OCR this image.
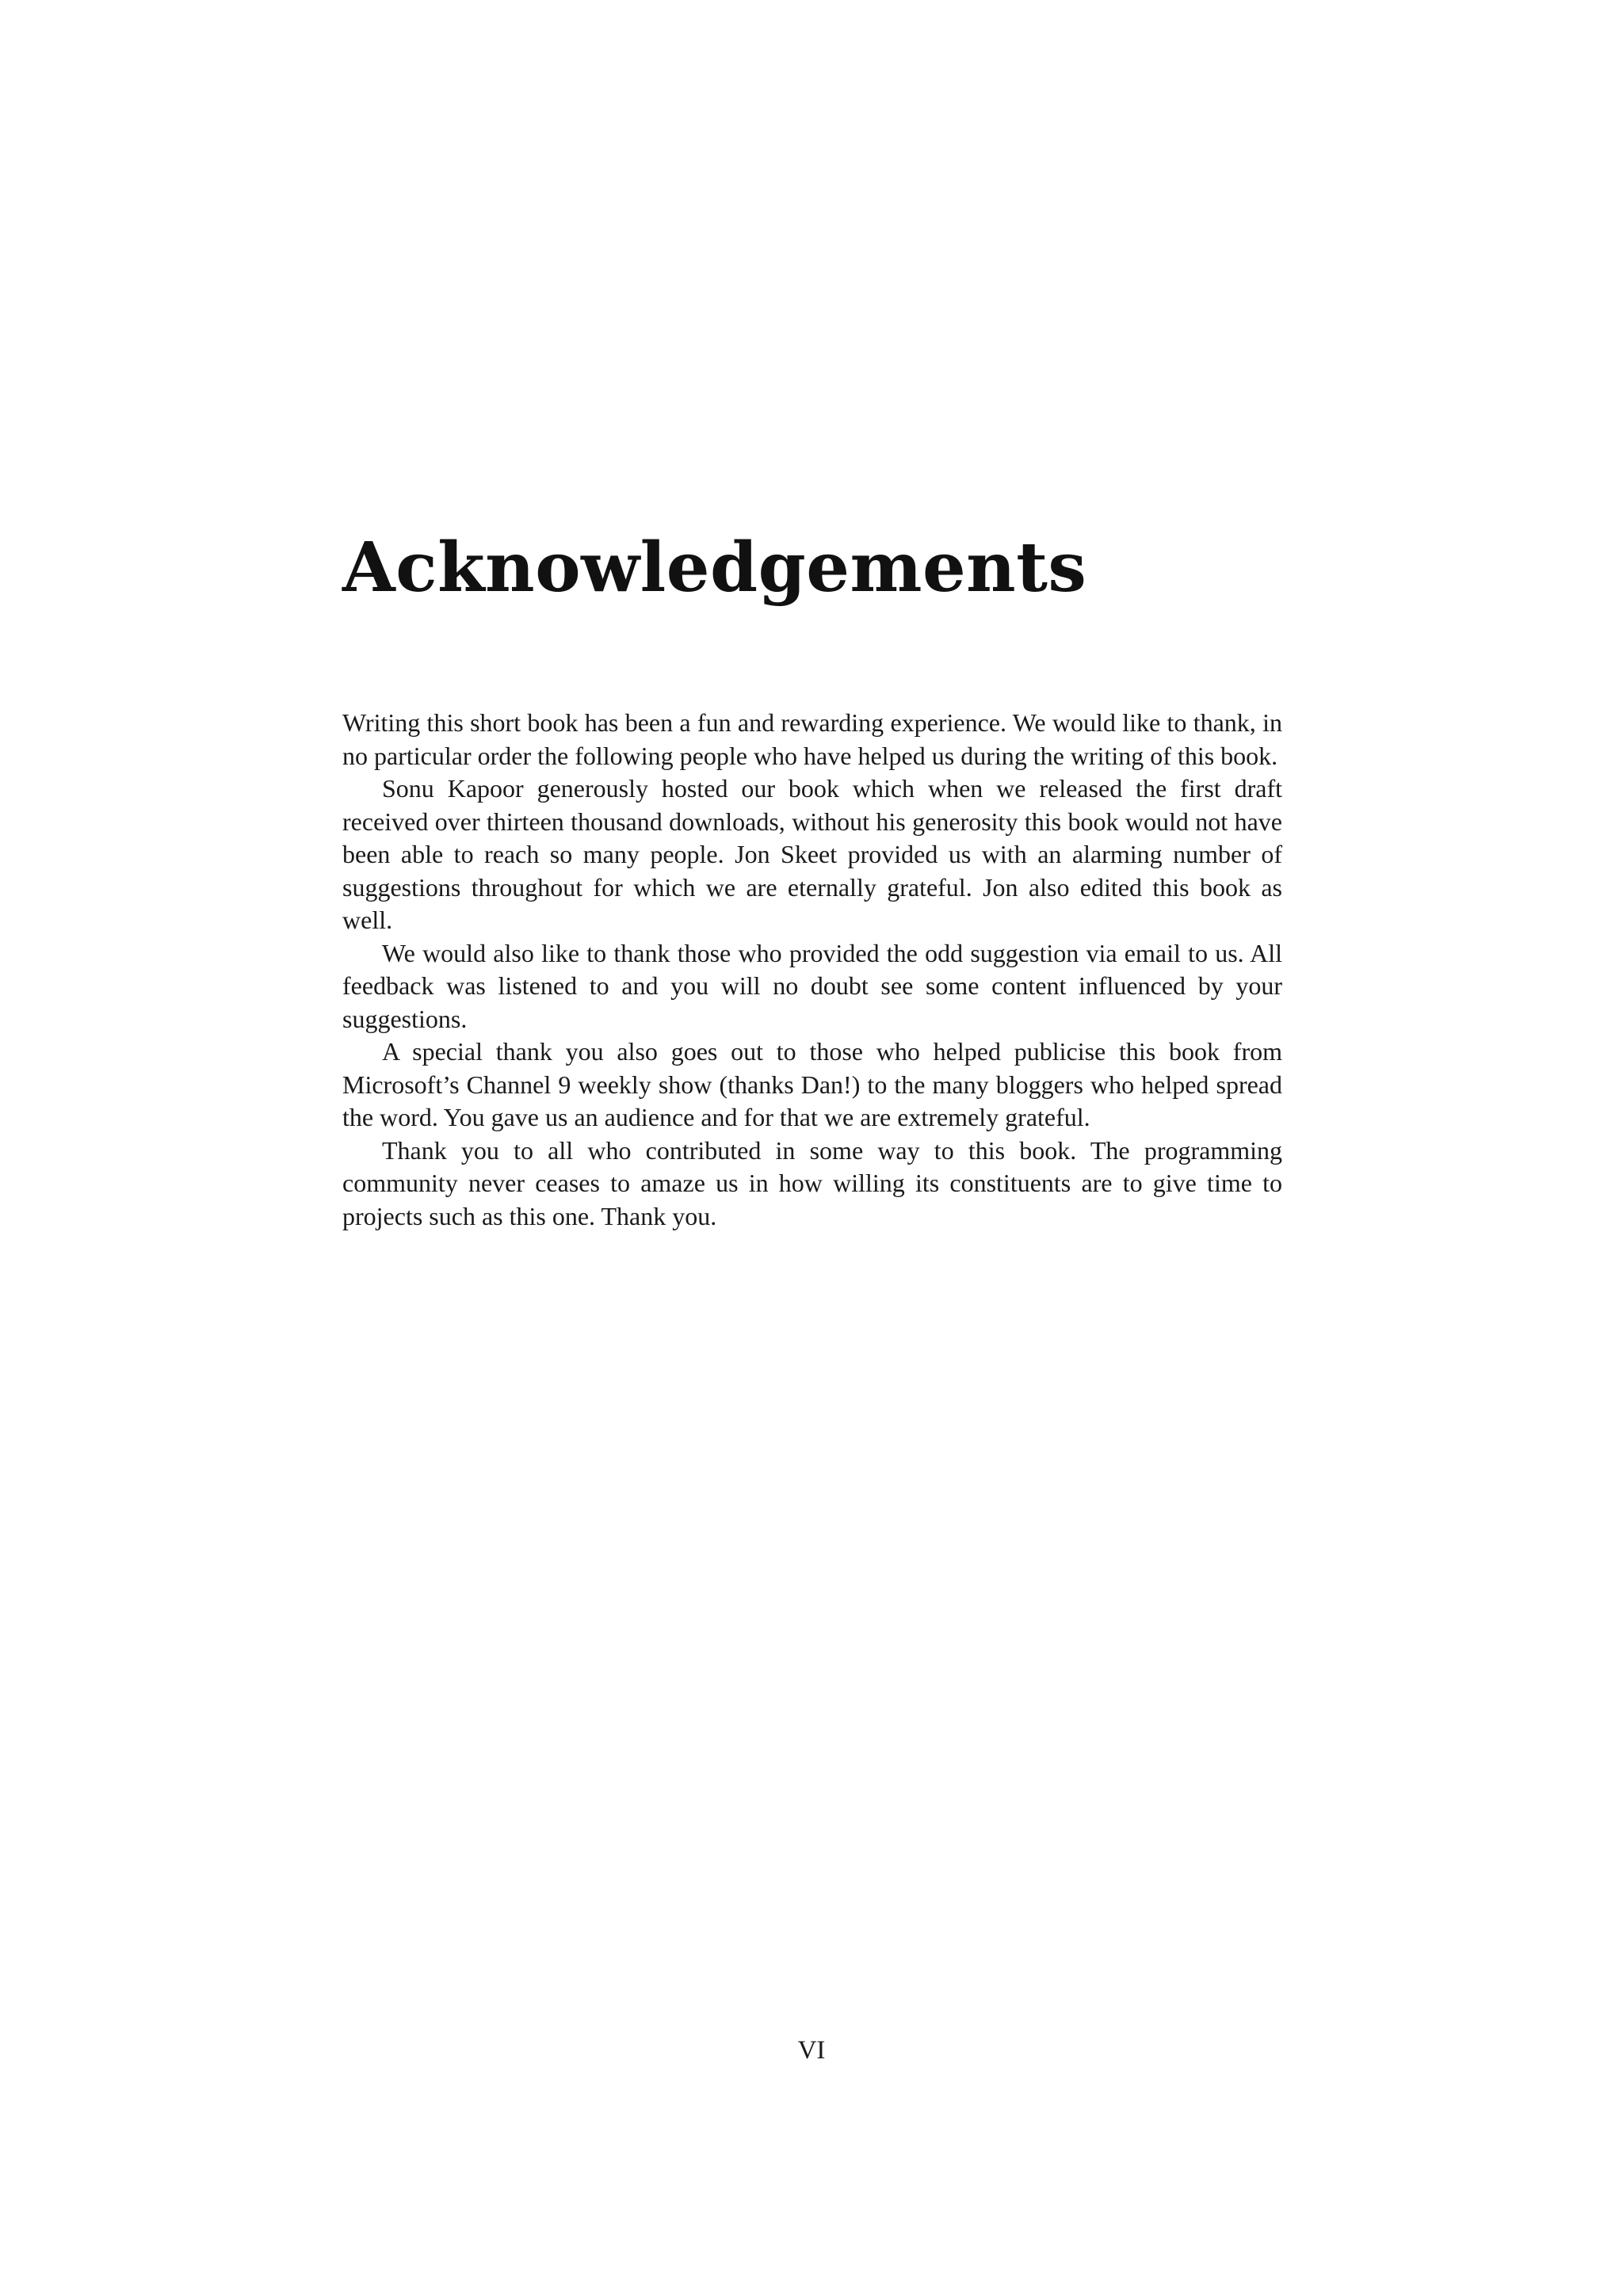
Acknowledgements

Writing this short book has been a fun and rewarding experience. We would like to thank, in no particular order the following people who have helped us during the writing of this book.

Sonu Kapoor generously hosted our book which when we released the first draft received over thirteen thousand downloads, without his generosity this book would not have been able to reach so many people. Jon Skeet provided us with an alarming number of suggestions throughout for which we are eternally grateful. Jon also edited this book as well.

We would also like to thank those who provided the odd suggestion via email to us. All feedback was listened to and you will no doubt see some content influenced by your suggestions.

A special thank you also goes out to those who helped publicise this book from Microsoft’s Channel 9 weekly show (thanks Dan!) to the many bloggers who helped spread the word. You gave us an audience and for that we are extremely grateful.

Thank you to all who contributed in some way to this book. The programming community never ceases to amaze us in how willing its constituents are to give time to projects such as this one. Thank you.

VI
